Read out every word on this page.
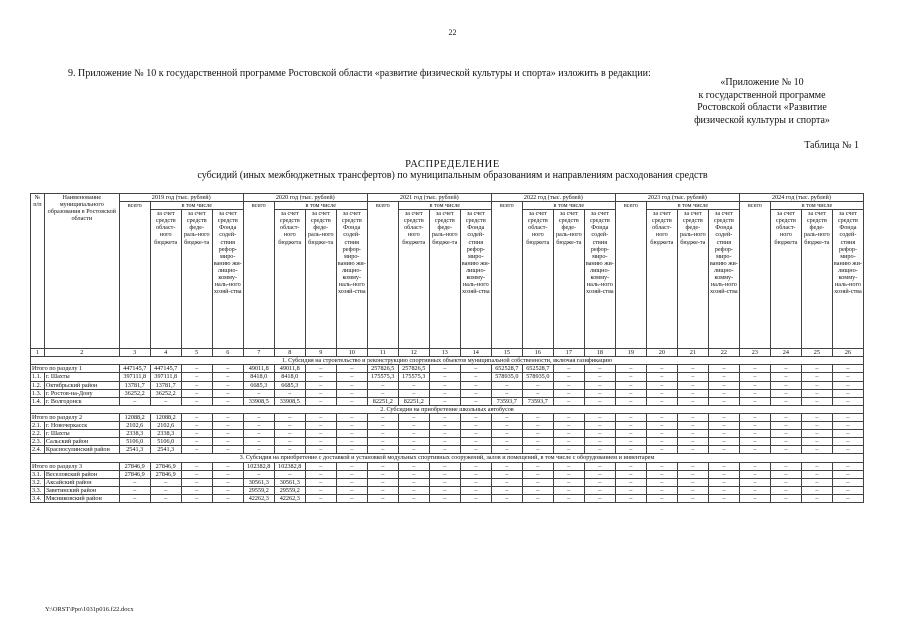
22
9. Приложение № 10 к государственной программе Ростовской области «развитие физической культуры и спорта» изложить в редакции:
«Приложение № 10
к государственной программе
Ростовской области «Развитие
физической культуры и спорта»
Таблица № 1
РАСПРЕДЕЛЕНИЕ
субсидий (иных межбюджетных трансфертов) по муниципальным образованиям и направлениям расходования средств
№ п/п	Наименование муниципального образования в Ростовской области	2019 год (тыс. рублей)				2020 год (тыс. рублей)				2021 год (тыс. рублей)				2022 год (тыс. рублей)				2023 год (тыс. рублей)				2024 год (тыс. рублей)			
		всего	в том числе			всего	в том числе			всего	в том числе			всего	в том числе			всего	в том числе			всего	в том числе		
			за счет средств област-ного бюджета	за счет средств феде-раль-ного бюдже-та	за счет средств Фонда содей-ствия рефор-миро-ванию жи-лищно-комму-наль-ного хозяй-ства		за счет средств област-ного бюджета	за счет средств феде-раль-ного бюдже-та	за счет средств Фонда содей-ствия рефор-миро-ванию жи-лищно-комму-наль-ного хозяй-ства		за счет средств област-ного бюджета	за счет средств феде-раль-ного бюдже-та	за счет средств Фонда содей-ствия рефор-миро-ванию жи-лищно-комму-наль-ного хозяй-ства		за счет средств област-ного бюджета	за счет средств феде-раль-ного бюдже-та	за счет средств Фонда содей-ствия рефор-миро-ванию жи-лищно-комму-наль-ного хозяй-ства		за счет средств област-ного бюджета	за счет средств феде-раль-ного бюдже-та	за счет средств Фонда содей-ствия рефор-миро-ванию жи-лищно-комму-наль-ного хозяй-ства		за счет средств област-ного бюджета	за счет средств феде-раль-ного бюдже-та	за счет средств Фонда содей-ствия рефор-миро-ванию жи-лищно-комму-наль-ного хозяй-ства
1	2	3	4	5	6	7	8	9	10	11	12	13	14	15	16	17	18	19	20	21	22	23	24	25	26
1. Субсидия на строительство и реконструкцию спортивных объектов муниципальной собственности, включая газификацию																									
Итого по разделу 1		447145,7	447145,7	–	–	49011,8	49011,8	–	–	257826,5	257826,5	–	–	652528,7	652528,7	–	–	–	–	–	–	–	–	–	–
1.1.	г. Шахты	397111,8	397111,8	–	–	8418,0	8418,0	–	–	175575,3	175575,3	–	–	578935,0	578935,0	–	–	–	–	–	–	–	–	–	–
1.2.	Октябрьский район	13781,7	13781,7	–	–	6685,3	6685,3	–	–	–	–	–	–	–	–	–	–	–	–	–	–	–	–	–	–
1.3.	г. Ростов-на-Дону	36252,2	36252,2	–	–	–	–	–	–	–	–	–	–	–	–	–	–	–	–	–	–	–	–	–	–
1.4.	г. Волгодонск	–	–	–	–	33908,5	33908,5	–	–	82251,2	82251,2	–	–	73593,7	73593,7	–	–	–	–	–	–	–	–	–	–
2. Субсидия на приобретение школьных автобусов																									
Итого по разделу 2		12088,2	12088,2	–	–	–	–	–	–	–	–	–	–	–	–	–	–	–	–	–	–	–	–	–	–
2.1.	г. Новочеркасск	2102,6	2102,6	–	–	–	–	–	–	–	–	–	–	–	–	–	–	–	–	–	–	–	–	–	–
2.2.	г. Шахты	2338,3	2338,3	–	–	–	–	–	–	–	–	–	–	–	–	–	–	–	–	–	–	–	–	–	–
2.3.	Сальский район	5106,0	5106,0	–	–	–	–	–	–	–	–	–	–	–	–	–	–	–	–	–	–	–	–	–	–
2.4.	Красносулинский район	2541,3	2541,3	–	–	–	–	–	–	–	–	–	–	–	–	–	–	–	–	–	–	–	–	–	–
3. Субсидия на приобретение с доставкой и установкой модульных спортивных сооружений, залов и помещений, в том числе с оборудованием и инвентарем																									
Итого по разделу 3		27846,9	27846,9	–	–	102382,8	102382,8	–	–	–	–	–	–	–	–	–	–	–	–	–	–	–	–	–	–
3.1.	Веселовский район	27846,9	27846,9	–	–	–	–	–	–	–	–	–	–	–	–	–	–	–	–	–	–	–	–	–	–
3.2.	Аксайский район	–	–	–	–	30561,3	30561,3	–	–	–	–	–	–	–	–	–	–	–	–	–	–	–	–	–	–
3.3.	Заветинский район	–	–	–	–	29559,2	29559,2	–	–	–	–	–	–	–	–	–	–	–	–	–	–	–	–	–	–
3.4.	Мясниковский район	–	–	–	–	42262,3	42262,3	–	–	–	–	–	–	–	–	–	–	–	–	–	–	–	–	–	–
Y:\ORST\Ppo\1031p016.f22.docx
